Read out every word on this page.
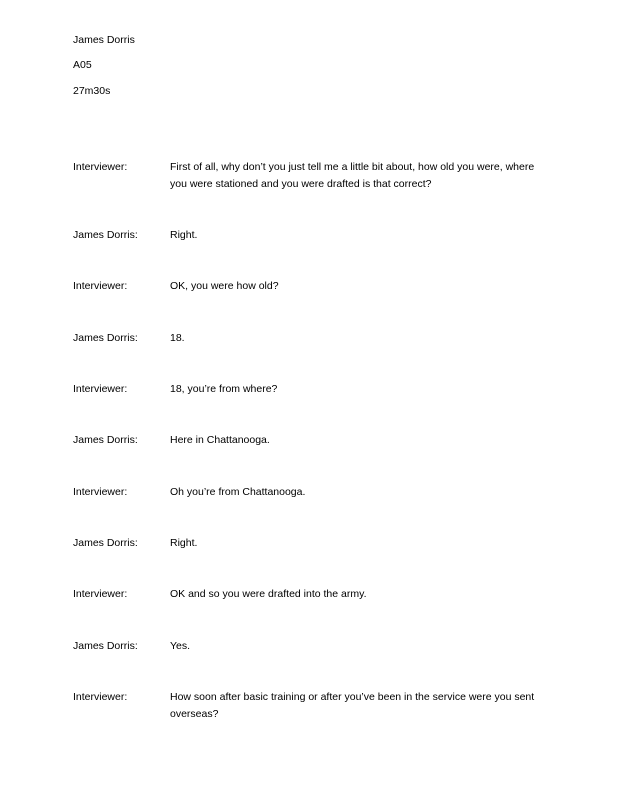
James Dorris
A05
27m30s
Interviewer:	First of all, why don’t you just tell me a little bit about, how old you were, where you were stationed and you were drafted is that correct?
James Dorris:	Right.
Interviewer:	OK, you were how old?
James Dorris:	18.
Interviewer:	18, you’re from where?
James Dorris:	Here in Chattanooga.
Interviewer:	Oh you’re from Chattanooga.
James Dorris:	Right.
Interviewer:	OK and so you were drafted into the army.
James Dorris:	Yes.
Interviewer:	How soon after basic training or after you’ve been in the service were you sent overseas?
